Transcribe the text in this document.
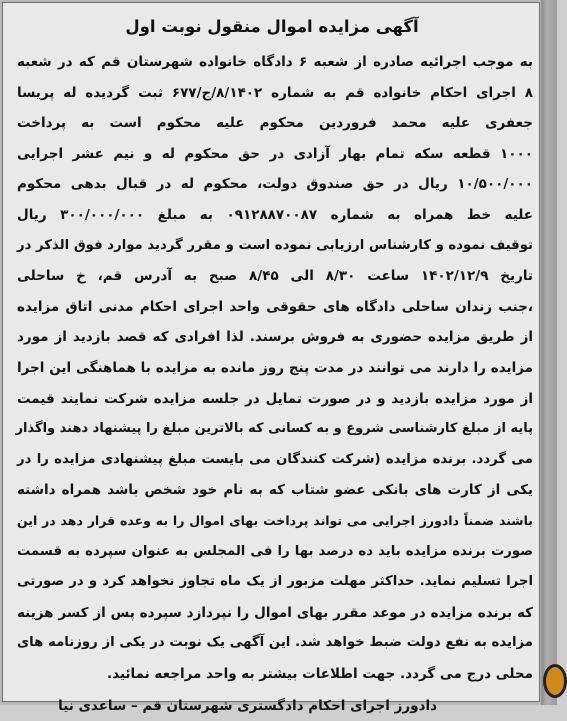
آگهی مزایده اموال منقول نوبت اول
به موجب اجرائیه صادره از شعبه ۶ دادگاه خانواده شهرستان قم که در شعبه
۸ اجرای احکام خانواده قم به شماره ۸/۱۴۰۲/ج/۶۷۷ ثبت گردیده له پریسا
جعفری علیه محمد فروردین محکوم علیه محکوم است به پرداخت
۱۰۰۰ قطعه سکه تمام بهار آزادی در حق محکوم له و نیم عشر اجرایی
۱۰/۵۰۰/۰۰۰ ریال در حق صندوق دولت، محکوم له در قبال بدهی محکوم
علیه خط همراه به شماره ۰۹۱۲۸۸۷۰۰۸۷ به مبلغ ۳۰۰/۰۰۰/۰۰۰ ریال
توقیف نموده و کارشناس ارزیابی نموده است و مقرر گردید موارد فوق الذکر در
تاریخ ۱۴۰۲/۱۲/۹ ساعت ۸/۳۰ الی ۸/۴۵ صبح به آدرس قم، خ ساحلی
،جنب زندان ساحلی دادگاه های حقوقی واحد اجرای احکام مدنی اتاق مزایده
از طریق مزایده حضوری به فروش برسند. لذا افرادی که قصد بازدید از مورد
مزایده را دارند می توانند در مدت پنج روز مانده به مزایده با هماهنگی این اجرا
از مورد مزایده بازدید و در صورت تمایل در جلسه مزایده شرکت نمایند قیمت
پایه از مبلغ کارشناسی شروع و به کسانی که بالاترین مبلغ را پیشنهاد دهند واگذار
می گردد. برنده مزایده (شرکت کنندگان می بایست مبلغ پیشنهادی مزایده را در
یکی از کارت های بانکی عضو شتاب که به نام خود شخص باشد همراه داشته
باشند ضمناً دادورز اجرایی می تواند پرداخت بهای اموال را به وعده قرار دهد در این
صورت برنده مزایده باید ده درصد بها را فی المجلس به عنوان سپرده به قسمت
اجرا تسلیم نماید. حداکثر مهلت مزبور از یک ماه تجاوز نخواهد کرد و در صورتی
که برنده مزایده در موعد مقرر بهای اموال را نپردازد سپرده پس از کسر هزینه
مزایده به نفع دولت ضبط خواهد شد. این آگهی یک نوبت در یکی از روزنامه های
محلی درج می گردد. جهت اطلاعات بیشتر به واحد مراجعه نمائید.
دادورز اجرای احکام دادگستری شهرستان قم – ساعدی نیا
